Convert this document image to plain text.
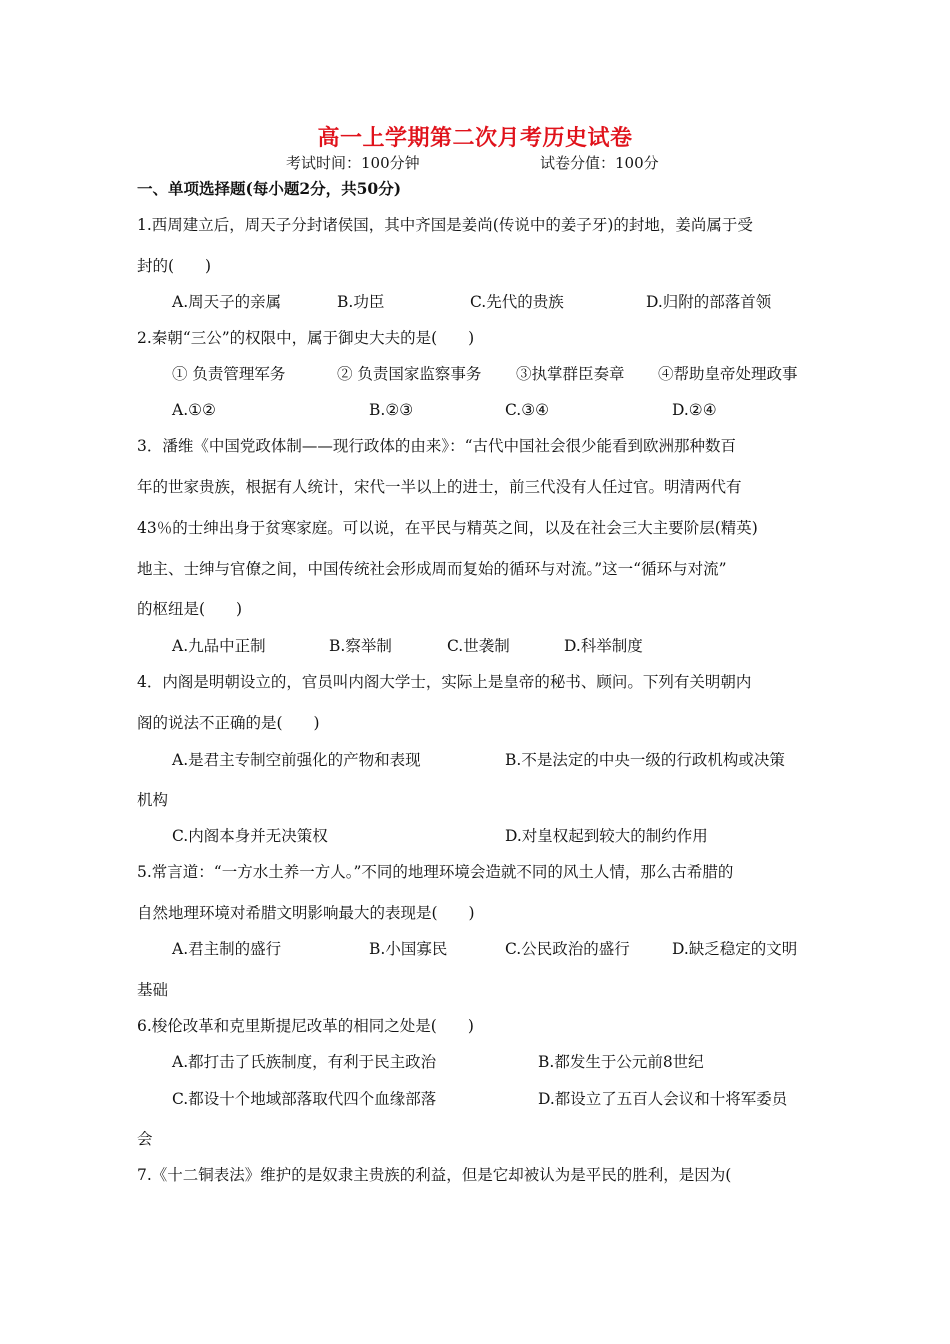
高一上学期第二次月考历史试卷
考试时间：100分钟	试卷分值：100分
一、单项选择题(每小题2分，共50分)
1.西周建立后，周天子分封诸侯国，其中齐国是姜尚(传说中的姜子牙)的封地，姜尚属于受
封的(　　)
A.周天子的亲属	B.功臣	C.先代的贵族	D.归附的部落首领
2.秦朝“三公”的权限中，属于御史大夫的是(　　)
① 负责管理军务	② 负责国家监察事务 ③执掌群臣奏章 ④帮助皇帝处理政事
A.①②	B.②③	C.③④	D.②④
3．潘维《中国党政体制——现行政体的由来》：“古代中国社会很少能看到欧洲那种数百
年的世家贵族，根据有人统计，宋代一半以上的进士，前三代没有人任过官。明清两代有
43％的士绅出身于贫寒家庭。可以说，在平民与精英之间，以及在社会三大主要阶层(精英)
地主、士绅与官僚之间，中国传统社会形成周而复始的循环与对流。”这一“循环与对流”
的枢纽是(　　)
A.九品中正制	B.察举制	C.世袭制	D.科举制度
4．内阁是明朝设立的，官员叫内阁大学士，实际上是皇帝的秘书、顾问。下列有关明朝内
阁的说法不正确的是(　　)
A.是君主专制空前强化的产物和表现	B.不是法定的中央一级的行政机构或决策
机构
C.内阁本身并无决策权	D.对皇权起到较大的制约作用
5.常言道：“一方水土养一方人。”不同的地理环境会造就不同的风土人情，那么古希腊的
自然地理环境对希腊文明影响最大的表现是(　　)
A.君主制的盛行	B.小国寡民	C.公民政治的盛行	D.缺乏稳定的文明
基础
6.梭伦改革和克里斯提尼改革的相同之处是(　　)
A.都打击了氏族制度，有利于民主政治	B.都发生于公元前8世纪
C.都设十个地域部落取代四个血缘部落	D.都设立了五百人会议和十将军委员
会
7.《十二铜表法》维护的是奴隶主贵族的利益，但是它却被认为是平民的胜利，是因为(
